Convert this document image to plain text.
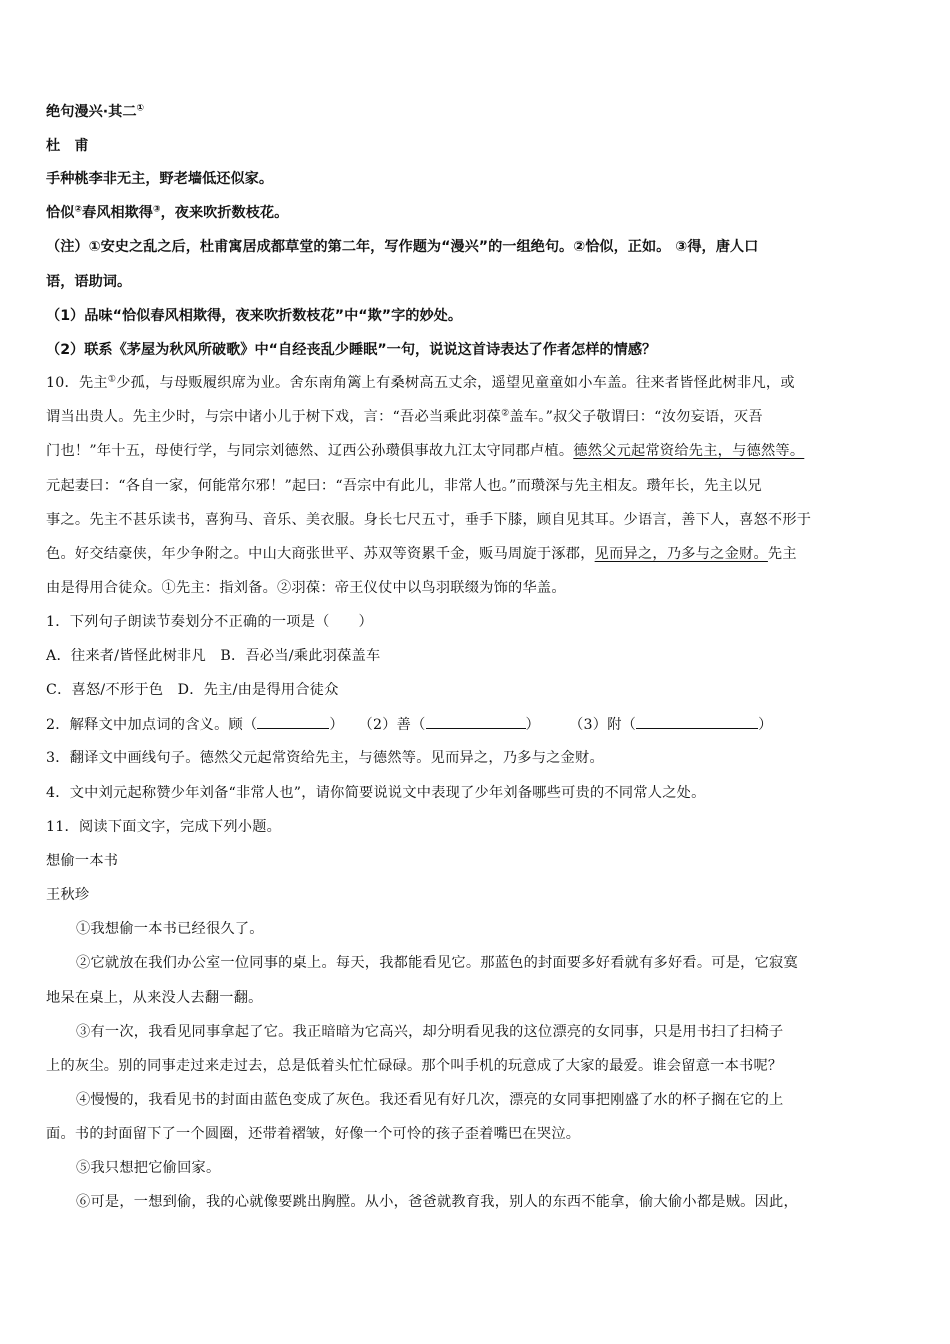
绝句漫兴·其二①
杜　甫
手种桃李非无主，野老墙低还似家。
恰似②春风相欺得③，夜来吹折数枝花。
（注）①安史之乱之后，杜甫寓居成都草堂的第二年，写作题为“漫兴”的一组绝句。②恰似，正如。 ③得，唐人口
语，语助词。
（1）品味“恰似春风相欺得，夜来吹折数枝花”中“欺”字的妙处。
（2）联系《茅屋为秋风所破歌》中“自经丧乱少睡眠”一句，说说这首诗表达了作者怎样的情感？
10．先主①少孤，与母贩履织席为业。舍东南角篱上有桑树高五丈余，遥望见童童如小车盖。往来者皆怪此树非凡，或
谓当出贵人。先主少时，与宗中诸小儿于树下戏，言：“吾必当乘此羽葆②盖车。”叔父子敬谓曰：“汝勿妄语，灭吾
门也！”年十五，母使行学，与同宗刘德然、辽西公孙瓒俱事故九江太守同郡卢植。德然父元起常资给先主，与德然等。
元起妻曰：“各自一家，何能常尔邪！”起曰：“吾宗中有此儿，非常人也。”而瓒深与先主相友。瓒年长，先主以兄
事之。先主不甚乐读书，喜狗马、音乐、美衣服。身长七尺五寸，垂手下膝，顾自见其耳。少语言，善下人，喜怒不形于
色。好交结豪侠，年少争附之。中山大商张世平、苏双等资累千金，贩马周旋于涿郡，见而异之，乃多与之金财。先主
由是得用合徒众。①先主：指刘备。②羽葆：帝王仪仗中以鸟羽联缀为饰的华盖。
1．下列句子朗读节奏划分不正确的一项是（　　）
A．往来者/皆怪此树非凡　B．吾必当/乘此羽葆盖车
C．喜怒/不形于色　D．先主/由是得用合徒众
2．解释文中加点词的含义。顾（	）　　（2）善（	）　　　（3）附（	）
3．翻译文中画线句子。德然父元起常资给先主，与德然等。见而异之，乃多与之金财。
4．文中刘元起称赞少年刘备“非常人也”，请你简要说说文中表现了少年刘备哪些可贵的不同常人之处。
11．阅读下面文字，完成下列小题。
想偷一本书
王秋珍
①我想偷一本书已经很久了。
②它就放在我们办公室一位同事的桌上。每天，我都能看见它。那蓝色的封面要多好看就有多好看。可是，它寂寞
地呆在桌上，从来没人去翻一翻。
③有一次，我看见同事拿起了它。我正暗暗为它高兴，却分明看见我的这位漂亮的女同事，只是用书扫了扫椅子
上的灰尘。别的同事走过来走过去，总是低着头忙忙碌碌。那个叫手机的玩意成了大家的最爱。谁会留意一本书呢？
④慢慢的，我看见书的封面由蓝色变成了灰色。我还看见有好几次，漂亮的女同事把刚盛了水的杯子搁在它的上
面。书的封面留下了一个圆圈，还带着褶皱，好像一个可怜的孩子歪着嘴巴在哭泣。
⑤我只想把它偷回家。
⑥可是，一想到偷，我的心就像要跳出胸膛。从小，爸爸就教育我，别人的东西不能拿，偷大偷小都是贼。因此，
